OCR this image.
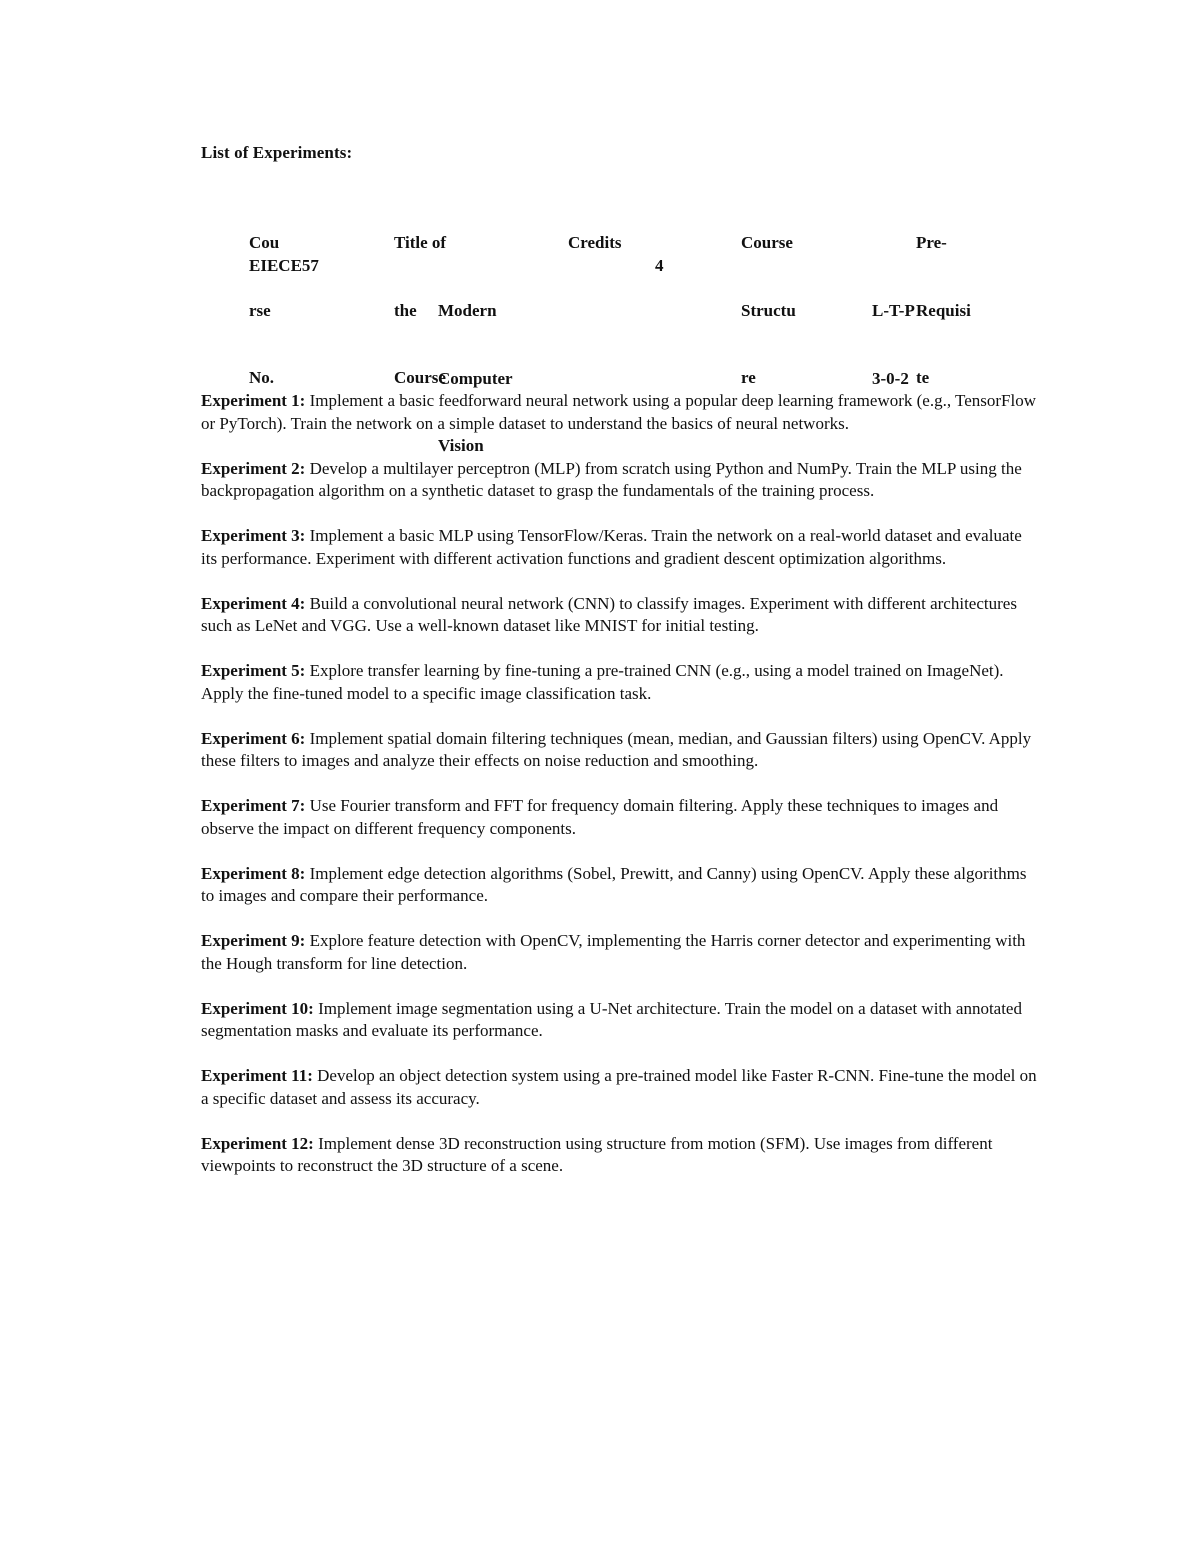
List of Experiments:

Cou

rse

No.

Title of

the

Course

Credits

	Course

Structu

re

Pre-

Requisi

te

EIECE57

Modern

Computer

Vision

4

L-T-P

3-0-2

Experiment 1: Implement a basic feedforward neural network using a popular deep learning framework (e.g., TensorFlow or PyTorch). Train the network on a simple dataset to understand the basics of neural networks.

Experiment 2: Develop a multilayer perceptron (MLP) from scratch using Python and NumPy. Train the MLP using the backpropagation algorithm on a synthetic dataset to grasp the fundamentals of the training process.

Experiment 3: Implement a basic MLP using TensorFlow/Keras. Train the network on a real-world dataset and evaluate its performance. Experiment with different activation functions and gradient descent optimization algorithms.

Experiment 4: Build a convolutional neural network (CNN) to classify images. Experiment with different architectures such as LeNet and VGG. Use a well-known dataset like MNIST for initial testing.

Experiment 5: Explore transfer learning by fine-tuning a pre-trained CNN (e.g., using a model trained on ImageNet). Apply the fine-tuned model to a specific image classification task.

Experiment 6: Implement spatial domain filtering techniques (mean, median, and Gaussian filters) using OpenCV. Apply these filters to images and analyze their effects on noise reduction and smoothing.

Experiment 7: Use Fourier transform and FFT for frequency domain filtering. Apply these techniques to images and observe the impact on different frequency components.

Experiment 8: Implement edge detection algorithms (Sobel, Prewitt, and Canny) using OpenCV. Apply these algorithms to images and compare their performance.

Experiment 9: Explore feature detection with OpenCV, implementing the Harris corner detector and experimenting with the Hough transform for line detection.

Experiment 10: Implement image segmentation using a U-Net architecture. Train the model on a dataset with annotated segmentation masks and evaluate its performance.

Experiment 11: Develop an object detection system using a pre-trained model like Faster R-CNN. Fine-tune the model on a specific dataset and assess its accuracy.

Experiment 12: Implement dense 3D reconstruction using structure from motion (SFM). Use images from different viewpoints to reconstruct the 3D structure of a scene.
